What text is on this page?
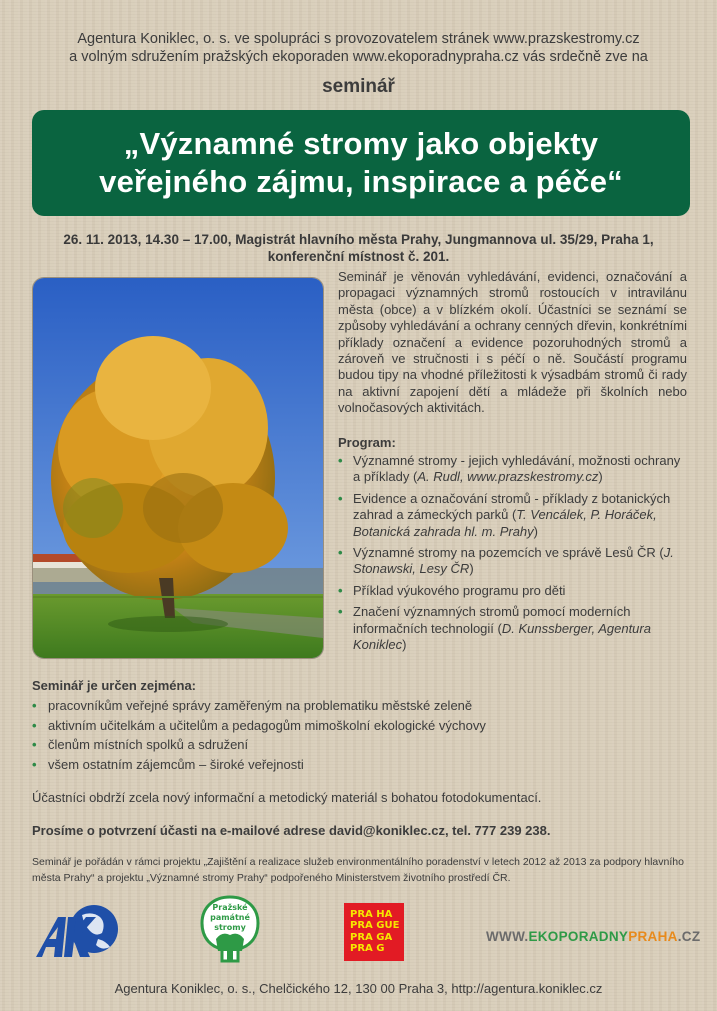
Agentura Koniklec, o. s. ve spolupráci s provozovatelem stránek www.prazskestromy.cz
a volným sdružením pražských ekoporaden www.ekoporadnypraha.cz vás srdečně zve na
seminář
„Významné stromy jako objekty
veřejného zájmu, inspirace a péče“
26. 11. 2013, 14.30 – 17.00, Magistrát hlavního města Prahy, Jungmannova ul. 35/29, Praha 1,
konferenční místnost č. 201.
Seminář je věnován vyhledávání, evidenci, označování a propagaci významných stromů rostoucích v intravilánu města (obce) a v blízkém okolí. Účastníci se seznámí se způsoby vyhledávání a ochrany cenných dřevin, konkrétními příklady označení a evidence pozoruhodných stromů a zároveň ve stručnosti i s péčí o ně. Součástí programu budou tipy na vhodné příležitosti k výsadbám stromů či rady na aktivní zapojení dětí a mládeže při školních nebo volnočasových aktivitách.
Program:
• Významné stromy - jejich vyhledávání, možnosti ochrany a příklady (A. Rudl, www.prazskestromy.cz)
• Evidence a označování stromů - příklady z botanických zahrad a zámeckých parků (T. Vencálek, P. Horáček, Botanická zahrada hl. m. Prahy)
• Významné stromy na pozemcích ve správě Lesů ČR (J. Stonawski, Lesy ČR)
• Příklad výukového programu pro děti
• Značení významných stromů pomocí moderních informačních technologií (D. Kunssberger, Agentura Koniklec)
Seminář je určen zejména:
• pracovníkům veřejné správy zaměřeným na problematiku městské zeleně
• aktivním učitelkám a učitelům a pedagogům mimoškolní ekologické výchovy
• členům místních spolků a sdružení
• všem ostatním zájemcům – široké veřejnosti
Účastníci obdrží zcela nový informační a metodický materiál s bohatou fotodokumentací.
Prosíme o potvrzení účasti na e-mailové adrese david@koniklec.cz, tel. 777 239 238.
Seminář je pořádán v rámci projektu „Zajištění a realizace služeb environmentálního poradenství v letech 2012 až 2013 za podpory hlavního města Prahy“ a projektu „Významné stromy Prahy“ podpořeného Ministerstvem životního prostředí ČR.
Pražské
památné
stromy
PRA HA
PRA GUE
PRA GA
PRA G
WWW.EKOPORADNYPRAHA.CZ
Agentura Koniklec, o. s., Chelčického 12, 130 00 Praha 3, http://agentura.koniklec.cz
